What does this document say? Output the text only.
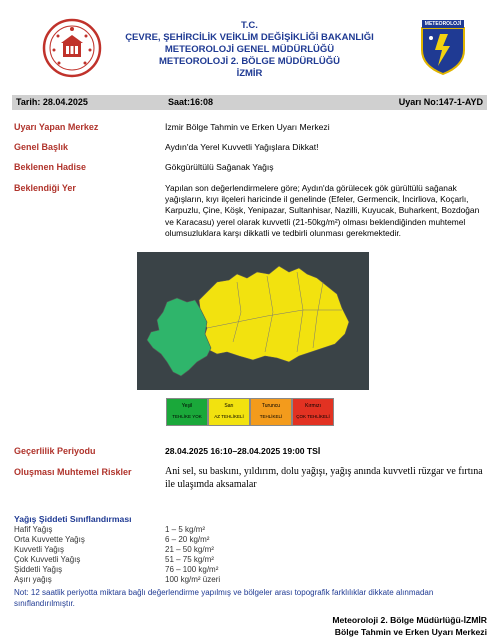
T.C.
ÇEVRE, ŞEHİRCİLİK VEİKLİM DEĞİŞİKLİĞİ BAKANLIĞI
METEOROLOJİ GENEL MÜDÜRLÜĞÜ
METEOROLOJİ 2. BÖLGE MÜDÜRLÜĞÜ
İZMİR
METEOROLOJİ
Tarih: 28.04.2025	Saat:16:08	Uyarı No:147-1-AYD
Uyarı Yapan Merkez	İzmir Bölge Tahmin ve Erken Uyarı Merkezi
Genel Başlık	Aydın'da Yerel Kuvvetli Yağışlara Dikkat!
Beklenen Hadise	Gökgürültülü Sağanak Yağış
Beklendiği Yer	Yapılan son değerlendirmelere göre; Aydın'da görülecek gök gürültülü sağanak yağışların, kıyı ilçeleri haricinde il genelinde (Efeler, Germencik, İncirliova, Koçarlı, Karpuzlu, Çine, Köşk, Yenipazar, Sultanhisar, Nazilli, Kuyucak, Buharkent, Bozdoğan ve Karacasu) yerel olarak kuvvetli (21-50kg/m²) olması beklendiğinden muhtemel olumsuzluklara karşı dikkatli ve tedbirli olunması gerekmektedir.
Yeşil
TEHLİKE YOK
Sarı
AZ TEHLİKELİ
Turuncu
TEHLİKELİ
Kırmızı
ÇOK TEHLİKELİ
Geçerlilik Periyodu	28.04.2025 16:10–28.04.2025 19:00 TSİ
Oluşması Muhtemel Riskler	Ani sel, su baskını, yıldırım, dolu yağışı, yağış anında kuvvetli rüzgar ve fırtına ile ulaşımda aksamalar
Yağış Şiddeti Sınıflandırması
Hafif Yağış	1 – 5 kg/m²
Orta Kuvvette Yağış	6 – 20 kg/m²
Kuvvetli Yağış	21 – 50 kg/m²
Çok Kuvvetli Yağış	51 – 75 kg/m²
Şiddetli Yağış	76 – 100 kg/m²
Aşırı yağış	100 kg/m² üzeri
Not: 12 saatlik periyotta miktara bağlı değerlendirme yapılmış ve bölgeler arası topografik farklılıklar dikkate alınmadan sınıflandırılmıştır.
Meteoroloji 2. Bölge Müdürlüğü-İZMİR
Bölge Tahmin ve Erken Uyarı Merkezi
